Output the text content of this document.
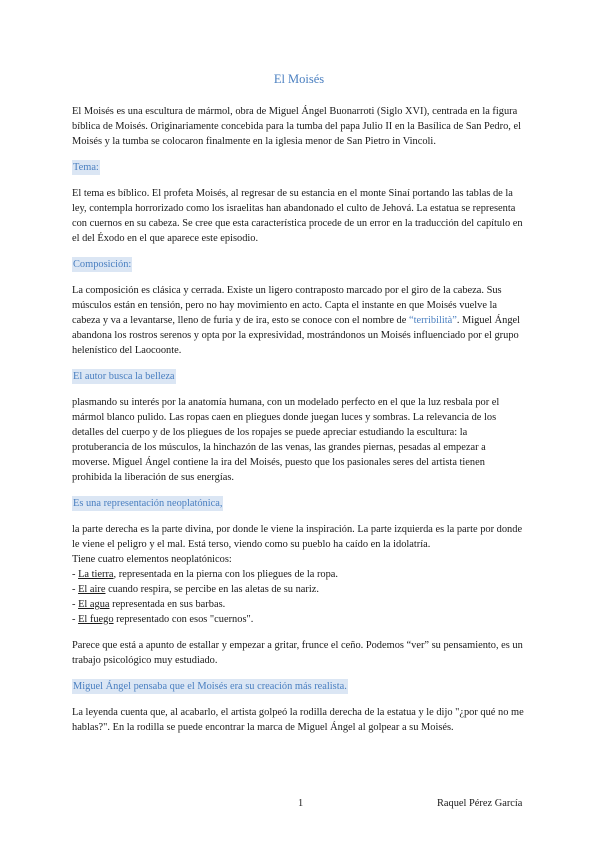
El Moisés

El Moisés es una escultura de mármol, obra de Miguel Ángel Buonarroti (Siglo XVI), centrada en la figura bíblica de Moisés. Originariamente concebida para la tumba del papa Julio II en la Basílica de San Pedro, el Moisés y la tumba se colocaron finalmente en la iglesia menor de San Pietro in Vincoli.

Tema:

El tema es bíblico. El profeta Moisés, al regresar de su estancia en el monte Sinaí portando las tablas de la ley, contempla horrorizado como los israelitas han abandonado el culto de Jehová. La estatua se representa con cuernos en su cabeza. Se cree que esta característica procede de un error en la traducción del capítulo en el del Éxodo en el que aparece este episodio.

Composición:

La composición es clásica y cerrada. Existe un ligero contraposto marcado por el giro de la cabeza. Sus músculos están en tensión, pero no hay movimiento en acto. Capta el instante en que Moisés vuelve la cabeza y va a levantarse, lleno de furia y de ira, esto se conoce con el nombre de “terribilità”. Miguel Ángel abandona los rostros serenos y opta por la expresividad, mostrándonos un Moisés influenciado por el grupo helenístico del Laocoonte.

El autor busca la belleza

plasmando su interés por la anatomía humana, con un modelado perfecto en el que la luz resbala por el mármol blanco pulido. Las ropas caen en pliegues donde juegan luces y sombras. La relevancia de los detalles del cuerpo y de los pliegues de los ropajes se puede apreciar estudiando la escultura: la protuberancia de los músculos, la hinchazón de las venas, las grandes piernas, pesadas al empezar a moverse. Miguel Ángel contiene la ira del Moisés, puesto que los pasionales seres del artista tienen prohibida la liberación de sus energías.

Es una representación neoplatónica,

la parte derecha es la parte divina, por donde le viene la inspiración. La parte izquierda es la parte por donde le viene el peligro y el mal. Está terso, viendo como su pueblo ha caído en la idolatría.

Tiene cuatro elementos neoplatónicos:

- La tierra, representada en la pierna con los pliegues de la ropa.

- El aire cuando respira, se percibe en las aletas de su nariz.

- El agua representada en sus barbas.

- El fuego representado con esos "cuernos".

Parece que está a apunto de estallar y empezar a gritar, frunce el ceño. Podemos “ver” su pensamiento, es un trabajo psicológico muy estudiado.

Miguel Ángel pensaba que el Moisés era su creación más realista.

La leyenda cuenta que, al acabarlo, el artista golpeó la rodilla derecha de la estatua y le dijo "¿por qué no me hablas?". En la rodilla se puede encontrar la marca de Miguel Ángel al golpear a su Moisés.

1	Raquel Pérez García
